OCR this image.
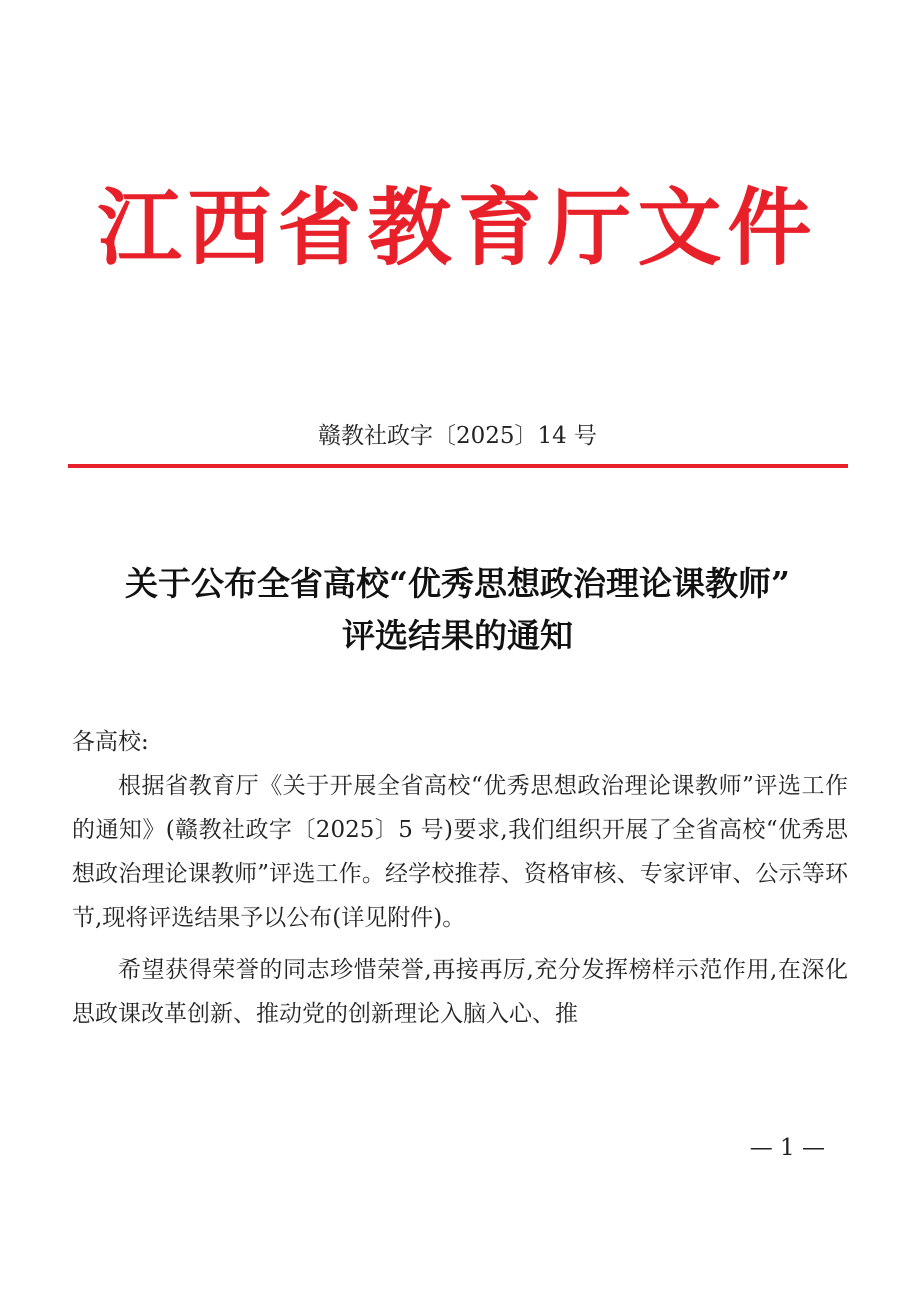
江西省教育厅文件
赣教社政字〔2025〕14 号
关于公布全省高校“优秀思想政治理论课教师”
评选结果的通知

各高校:

根据省教育厅《关于开展全省高校“优秀思想政治理论课教师”评选工作的通知》(赣教社政字〔2025〕5 号)要求,我们组织开展了全省高校“优秀思想政治理论课教师”评选工作。经学校推荐、资格审核、专家评审、公示等环节,现将评选结果予以公布(详见附件)。

希望获得荣誉的同志珍惜荣誉,再接再厉,充分发挥榜样示范作用,在深化思政课改革创新、推动党的创新理论入脑入心、推

— 1 —
